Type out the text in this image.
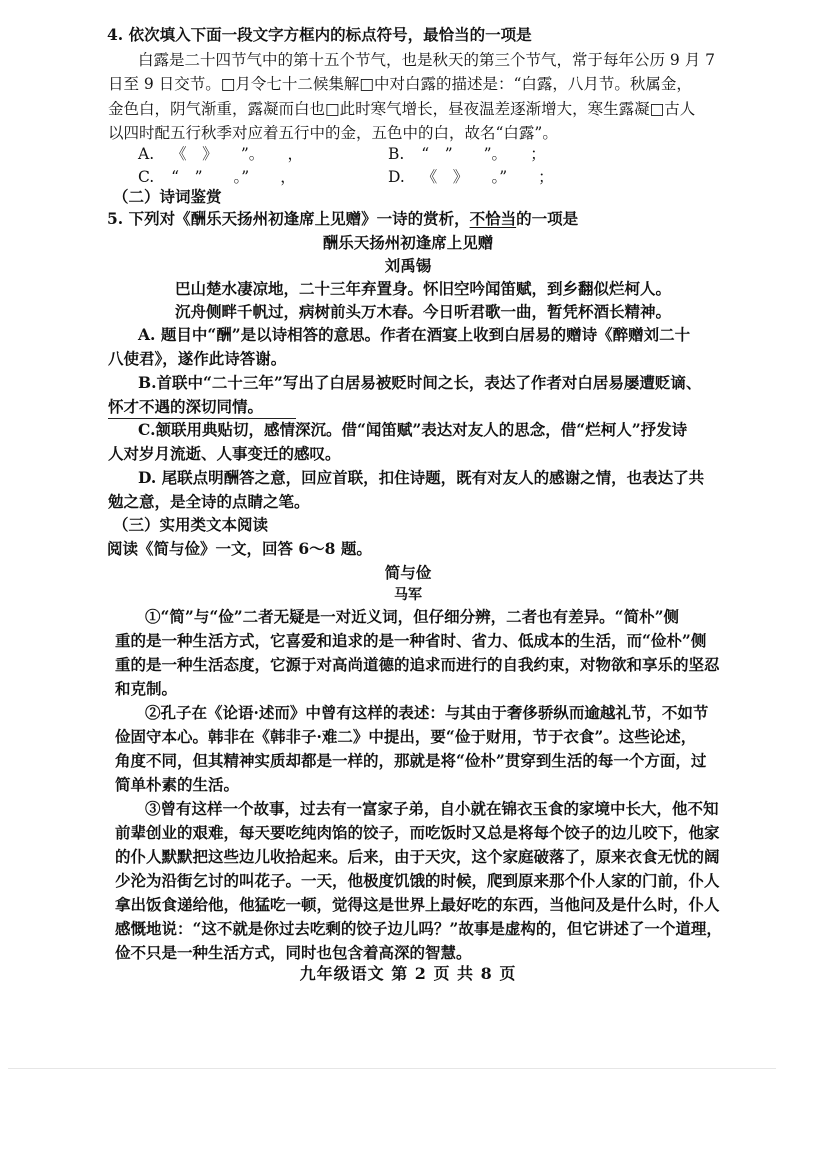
4. 依次填入下面一段文字方框内的标点符号，最恰当的一项是
白露是二十四节气中的第十五个节气，也是秋天的第三个节气，常于每年公历 9 月 7
日至 9 日交节。□月令七十二候集解□中对白露的描述是：“白露，八月节。秋属金，
金色白，阴气渐重，露凝而白也□此时寒气增长，昼夜温差逐渐增大，寒生露凝□古人
以四时配五行秋季对应着五行中的金，五色中的白，故名“白露”。
A. 《　》　　”。　　，	B. “　”　　”。　　；
C. “　”　　。”　　，	D. 《　》　　。”　　；
（二）诗词鉴赏
5. 下列对《酬乐天扬州初逢席上见赠》一诗的赏析，不恰当的一项是
酬乐天扬州初逢席上见赠
刘禹锡
巴山楚水凄凉地，二十三年弃置身。怀旧空吟闻笛赋，到乡翻似烂柯人。
沉舟侧畔千帆过，病树前头万木春。今日听君歌一曲，暂凭杯酒长精神。
A. 题目中“酬”是以诗相答的意思。作者在酒宴上收到白居易的赠诗《醉赠刘二十
八使君》，遂作此诗答谢。
B.首联中“二十三年”写出了白居易被贬时间之长，表达了作者对白居易屡遭贬谪、
怀才不遇的深切同情。
C.颔联用典贴切，感情深沉。借“闻笛赋”表达对友人的思念，借“烂柯人”抒发诗
人对岁月流逝、人事变迁的感叹。
D. 尾联点明酬答之意，回应首联，扣住诗题，既有对友人的感谢之情，也表达了共
勉之意，是全诗的点睛之笔。
（三）实用类文本阅读
阅读《简与俭》一文，回答 6～8 题。
简与俭
马军
①“简”与“俭”二者无疑是一对近义词，但仔细分辨，二者也有差异。“简朴”侧
重的是一种生活方式，它喜爱和追求的是一种省时、省力、低成本的生活，而“俭朴”侧
重的是一种生活态度，它源于对高尚道德的追求而进行的自我约束，对物欲和享乐的坚忍
和克制。
②孔子在《论语·述而》中曾有这样的表述：与其由于奢侈骄纵而逾越礼节，不如节
俭固守本心。韩非在《韩非子·难二》中提出，要“俭于财用，节于衣食”。这些论述，
角度不同，但其精神实质却都是一样的，那就是将“俭朴”贯穿到生活的每一个方面，过
简单朴素的生活。
③曾有这样一个故事，过去有一富家子弟，自小就在锦衣玉食的家境中长大，他不知
前辈创业的艰难，每天要吃纯肉馅的饺子，而吃饭时又总是将每个饺子的边儿咬下，他家
的仆人默默把这些边儿收拾起来。后来，由于天灾，这个家庭破落了，原来衣食无忧的阔
少沦为沿街乞讨的叫花子。一天，他极度饥饿的时候，爬到原来那个仆人家的门前，仆人
拿出饭食递给他，他猛吃一顿，觉得这是世界上最好吃的东西，当他问及是什么时，仆人
感慨地说：“这不就是你过去吃剩的饺子边儿吗？”故事是虚构的，但它讲述了一个道理，
俭不只是一种生活方式，同时也包含着高深的智慧。
九年级语文 第 2 页 共 8 页
